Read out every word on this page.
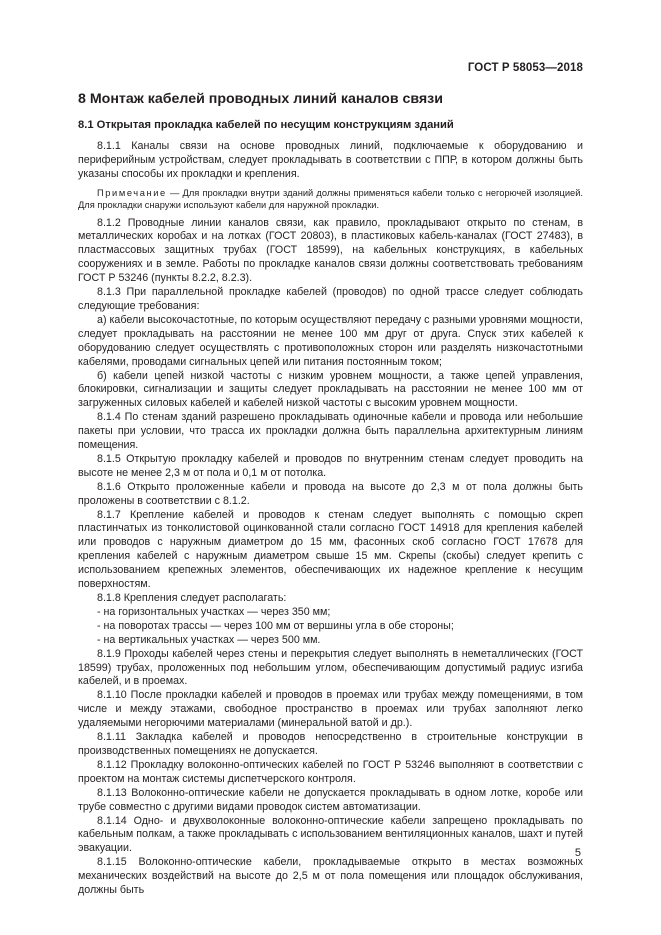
ГОСТ Р 58053—2018
8 Монтаж кабелей проводных линий каналов связи
8.1 Открытая прокладка кабелей по несущим конструкциям зданий

8.1.1 Каналы связи на основе проводных линий, подключаемые к оборудованию и периферийным устройствам, следует прокладывать в соответствии с ППР, в котором должны быть указаны способы их прокладки и крепления.

Примечание — Для прокладки внутри зданий должны применяться кабели только с негорючей изоляцией. Для прокладки снаружи используют кабели для наружной прокладки.

8.1.2 Проводные линии каналов связи, как правило, прокладывают открыто по стенам, в металлических коробах и на лотках (ГОСТ 20803), в пластиковых кабель-каналах (ГОСТ 27483), в пластмассовых защитных трубах (ГОСТ 18599), на кабельных конструкциях, в кабельных сооружениях и в земле. Работы по прокладке каналов связи должны соответствовать требованиям ГОСТ Р 53246 (пункты 8.2.2, 8.2.3).

8.1.3 При параллельной прокладке кабелей (проводов) по одной трассе следует соблюдать следующие требования:

а) кабели высокочастотные, по которым осуществляют передачу с разными уровнями мощности, следует прокладывать на расстоянии не менее 100 мм друг от друга. Спуск этих кабелей к оборудованию следует осуществлять с противоположных сторон или разделять низкочастотными кабелями, проводами сигнальных цепей или питания постоянным током;

б) кабели цепей низкой частоты с низким уровнем мощности, а также цепей управления, блокировки, сигнализации и защиты следует прокладывать на расстоянии не менее 100 мм от загруженных силовых кабелей и кабелей низкой частоты с высоким уровнем мощности.

8.1.4 По стенам зданий разрешено прокладывать одиночные кабели и провода или небольшие пакеты при условии, что трасса их прокладки должна быть параллельна архитектурным линиям помещения.

8.1.5 Открытую прокладку кабелей и проводов по внутренним стенам следует проводить на высоте не менее 2,3 м от пола и 0,1 м от потолка.

8.1.6 Открыто проложенные кабели и провода на высоте до 2,3 м от пола должны быть проложены в соответствии с 8.1.2.

8.1.7 Крепление кабелей и проводов к стенам следует выполнять с помощью скреп пластинчатых из тонколистовой оцинкованной стали согласно ГОСТ 14918 для крепления кабелей или проводов с наружным диаметром до 15 мм, фасонных скоб согласно ГОСТ 17678 для крепления кабелей с наружным диаметром свыше 15 мм. Скрепы (скобы) следует крепить с использованием крепежных элементов, обеспечивающих их надежное крепление к несущим поверхностям.

8.1.8 Крепления следует располагать:

- на горизонтальных участках — через 350 мм;

- на поворотах трассы — через 100 мм от вершины угла в обе стороны;

- на вертикальных участках — через 500 мм.

8.1.9 Проходы кабелей через стены и перекрытия следует выполнять в неметаллических (ГОСТ 18599) трубах, проложенных под небольшим углом, обеспечивающим допустимый радиус изгиба кабелей, и в проемах.

8.1.10 После прокладки кабелей и проводов в проемах или трубах между помещениями, в том числе и между этажами, свободное пространство в проемах или трубах заполняют легко удаляемыми негорючими материалами (минеральной ватой и др.).

8.1.11 Закладка кабелей и проводов непосредственно в строительные конструкции в производственных помещениях не допускается.

8.1.12 Прокладку волоконно-оптических кабелей по ГОСТ Р 53246 выполняют в соответствии с проектом на монтаж системы диспетчерского контроля.

8.1.13 Волоконно-оптические кабели не допускается прокладывать в одном лотке, коробе или трубе совместно с другими видами проводок систем автоматизации.

8.1.14 Одно- и двухволоконные волоконно-оптические кабели запрещено прокладывать по кабельным полкам, а также прокладывать с использованием вентиляционных каналов, шахт и путей эвакуации.

8.1.15 Волоконно-оптические кабели, прокладываемые открыто в местах возможных механических воздействий на высоте до 2,5 м от пола помещения или площадок обслуживания, должны быть

5
